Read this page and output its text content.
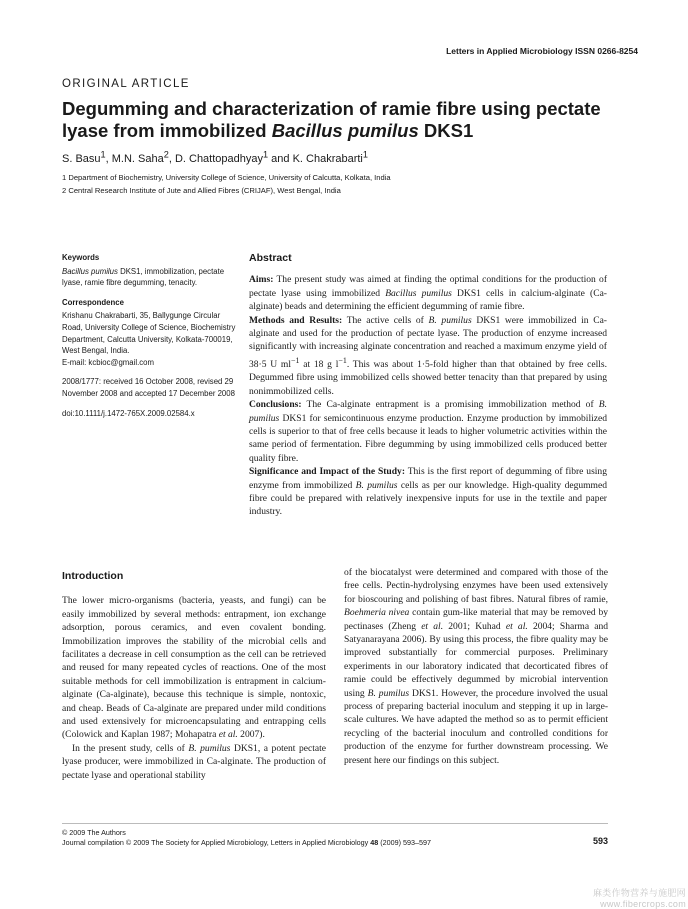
Letters in Applied Microbiology ISSN 0266-8254
ORIGINAL ARTICLE
Degumming and characterization of ramie fibre using pectate lyase from immobilized Bacillus pumilus DKS1
S. Basu$^1$, M.N. Saha$^2$, D. Chattopadhyay$^1$ and K. Chakrabarti$^1$
1 Department of Biochemistry, University College of Science, University of Calcutta, Kolkata, India
2 Central Research Institute of Jute and Allied Fibres (CRIJAF), West Bengal, India
Keywords

Bacillus pumilus DKS1, immobilization, pectate lyase, ramie fibre degumming, tenacity.

Correspondence

Krishanu Chakrabarti, 35, Ballygunge Circular Road, University College of Science, Biochemistry Department, Calcutta University, Kolkata-700019, West Bengal, India.

E-mail: kcbioc@gmail.com

2008/1777: received 16 October 2008, revised 29 November 2008 and accepted 17 December 2008

doi:10.1111/j.1472-765X.2009.02584.x

Abstract

Aims: The present study was aimed at finding the optimal conditions for the production of pectate lyase using immobilized Bacillus pumilus DKS1 cells in calcium-alginate (Ca-alginate) beads and determining the efficient degumming of ramie fibre.

Methods and Results: The active cells of B. pumilus DKS1 were immobilized in Ca-alginate and used for the production of pectate lyase. The production of enzyme increased significantly with increasing alginate concentration and reached a maximum enzyme yield of 38·5 U $ml^{-1}$ at 18 g $l^{-1}$. This was about 1·5-fold higher than that obtained by free cells. Degummed fibre using immobilized cells showed better tenacity than that prepared by using nonimmobilized cells.

Conclusions: The Ca-alginate entrapment is a promising immobilization method of B. pumilus DKS1 for semicontinuous enzyme production. Enzyme production by immobilized cells is superior to that of free cells because it leads to higher volumetric activities within the same period of fermentation. Fibre degumming by using immobilized cells produced better quality fibre.

Significance and Impact of the Study: This is the first report of degumming of fibre using enzyme from immobilized B. pumilus cells as per our knowledge. High-quality degummed fibre could be prepared with relatively inexpensive inputs for use in the textile and paper industry.

Introduction

The lower micro-organisms (bacteria, yeasts, and fungi) can be easily immobilized by several methods: entrapment, ion exchange adsorption, porous ceramics, and even covalent bonding. Immobilization improves the stability of the microbial cells and facilitates a decrease in cell consumption as the cell can be retrieved and reused for many repeated cycles of reactions. One of the most suitable methods for cell immobilization is entrapment in calcium-alginate (Ca-alginate), because this technique is simple, nontoxic, and cheap. Beads of Ca-alginate are prepared under mild conditions and used extensively for microencapsulating and entrapping cells (Colowick and Kaplan 1987; Mohapatra et al. 2007).

In the present study, cells of B. pumilus DKS1, a potent pectate lyase producer, were immobilized in Ca-alginate. The production of pectate lyase and operational stability

of the biocatalyst were determined and compared with those of the free cells. Pectin-hydrolysing enzymes have been used extensively for bioscouring and polishing of bast fibres. Natural fibres of ramie, Boehmeria nivea contain gum-like material that may be removed by pectinases (Zheng et al. 2001; Kuhad et al. 2004; Sharma and Satyanarayana 2006). By using this process, the fibre quality may be improved substantially for commercial purposes. Preliminary experiments in our laboratory indicated that decorticated fibres of ramie could be effectively degummed by microbial intervention using B. pumilus DKS1. However, the procedure involved the usual process of preparing bacterial inoculum and stepping it up in large-scale cultures. We have adapted the method so as to permit efficient recycling of the bacterial inoculum and controlled conditions for production of the enzyme for further downstream processing. We present here our findings on this subject.

© 2009 The Authors
Journal compilation © 2009 The Society for Applied Microbiology, Letters in Applied Microbiology 48 (2009) 593–597	593
麻类作物营养与施肥网 www.fibercrops.com
